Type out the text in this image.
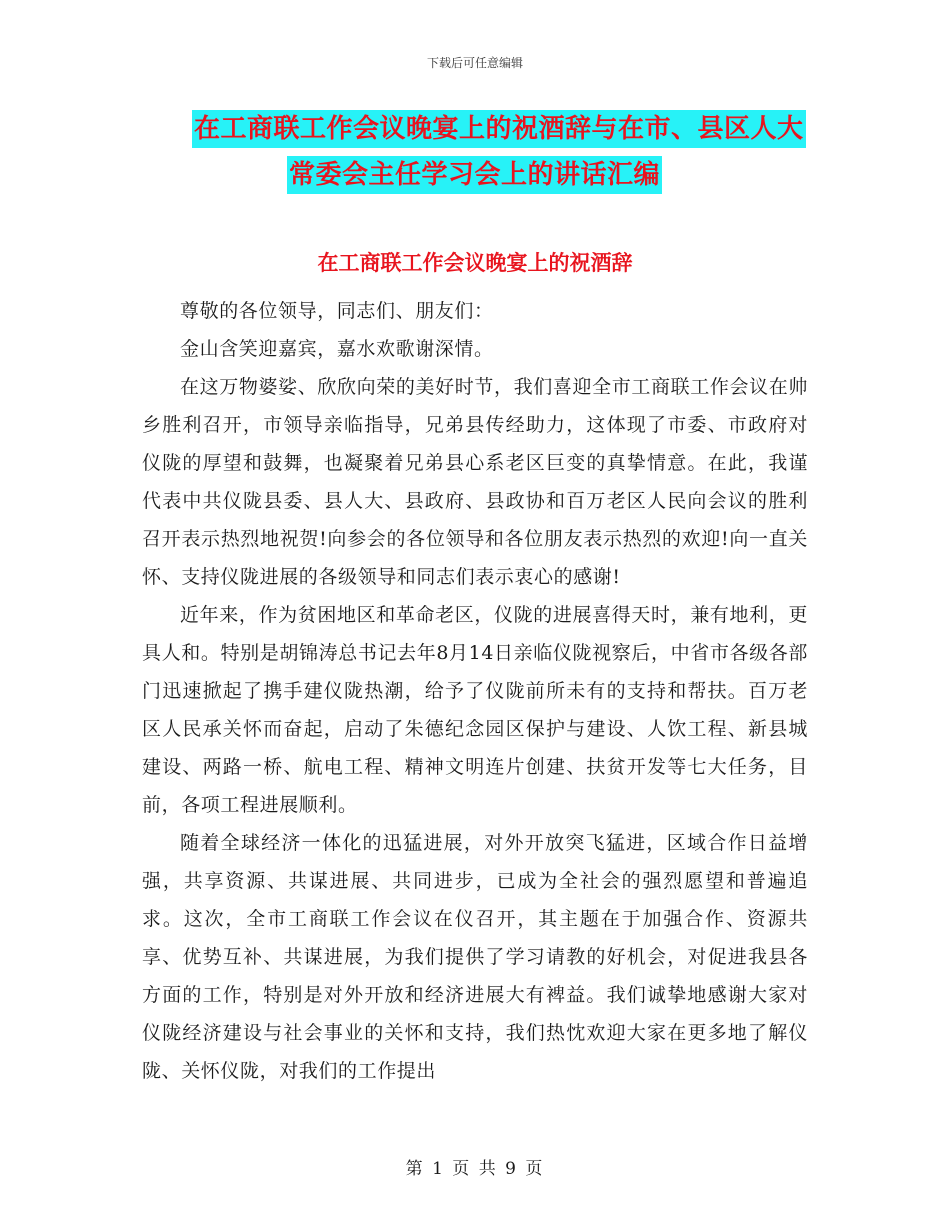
下载后可任意编辑
在工商联工作会议晚宴上的祝酒辞与在市、县区人大
常委会主任学习会上的讲话汇编
在工商联工作会议晚宴上的祝酒辞

尊敬的各位领导，同志们、朋友们：

金山含笑迎嘉宾，嘉水欢歌谢深情。

在这万物婆娑、欣欣向荣的美好时节，我们喜迎全市工商联工作会议在帅乡胜利召开，市领导亲临指导，兄弟县传经助力，这体现了市委、市政府对仪陇的厚望和鼓舞，也凝聚着兄弟县心系老区巨变的真挚情意。在此，我谨代表中共仪陇县委、县人大、县政府、县政协和百万老区人民向会议的胜利召开表示热烈地祝贺!向参会的各位领导和各位朋友表示热烈的欢迎!向一直关怀、支持仪陇进展的各级领导和同志们表示衷心的感谢!

近年来，作为贫困地区和革命老区，仪陇的进展喜得天时，兼有地利，更具人和。特别是胡锦涛总书记去年8月14日亲临仪陇视察后，中省市各级各部门迅速掀起了携手建仪陇热潮，给予了仪陇前所未有的支持和帮扶。百万老区人民承关怀而奋起，启动了朱德纪念园区保护与建设、人饮工程、新县城建设、两路一桥、航电工程、精神文明连片创建、扶贫开发等七大任务，目前，各项工程进展顺利。

随着全球经济一体化的迅猛进展，对外开放突飞猛进，区域合作日益增强，共享资源、共谋进展、共同进步，已成为全社会的强烈愿望和普遍追求。这次，全市工商联工作会议在仪召开，其主题在于加强合作、资源共享、优势互补、共谋进展，为我们提供了学习请教的好机会，对促进我县各方面的工作，特别是对外开放和经济进展大有裨益。我们诚挚地感谢大家对仪陇经济建设与社会事业的关怀和支持，我们热忱欢迎大家在更多地了解仪陇、关怀仪陇，对我们的工作提出

第 1 页 共 9 页
